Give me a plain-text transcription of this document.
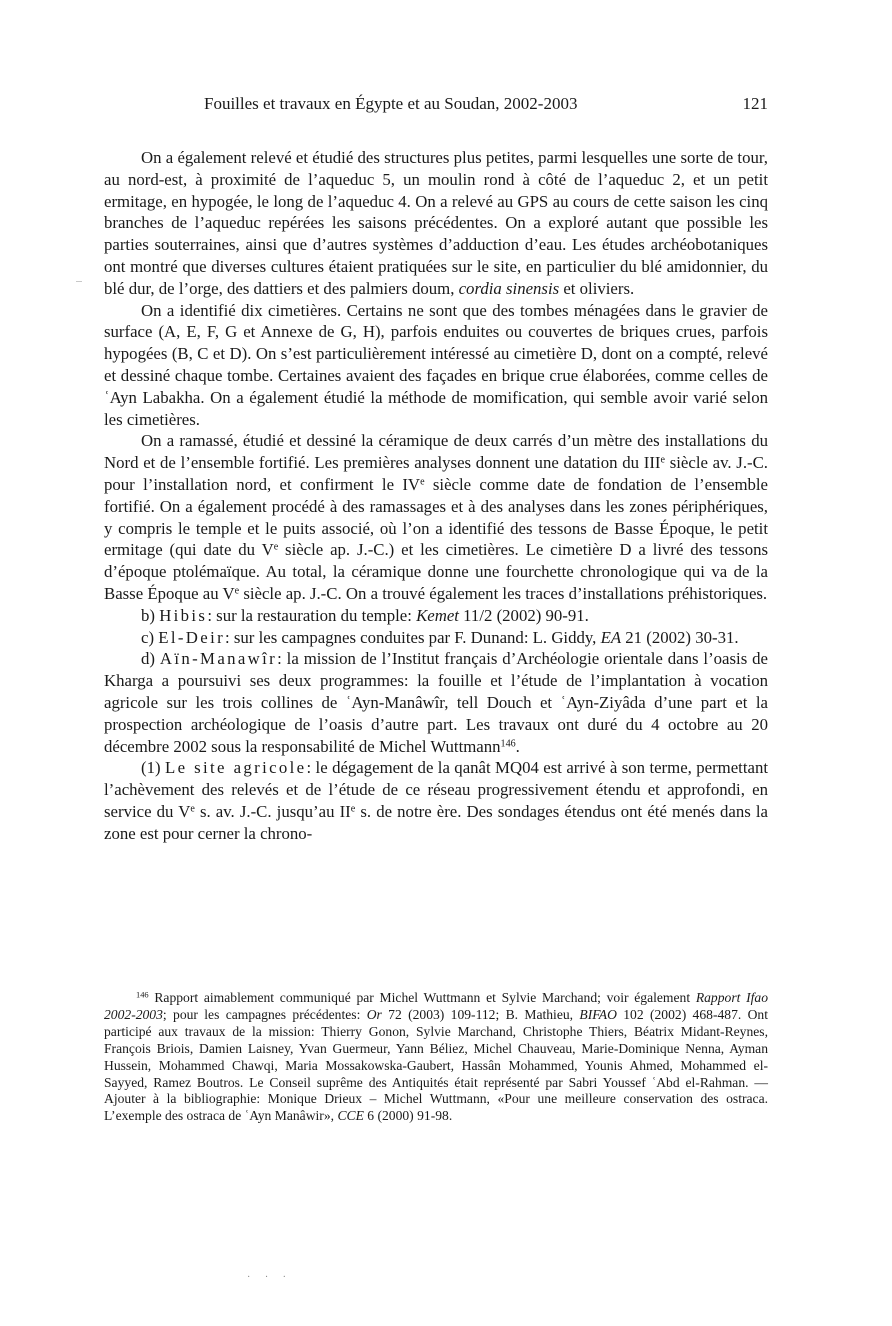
Fouilles et travaux en Égypte et au Soudan, 2002-2003	121

On a également relevé et étudié des structures plus petites, parmi lesquelles une sorte de tour, au nord-est, à proximité de l’aqueduc 5, un moulin rond à côté de l’aqueduc 2, et un petit ermitage, en hypogée, le long de l’aqueduc 4. On a relevé au GPS au cours de cette saison les cinq branches de l’aqueduc repérées les saisons précédentes. On a exploré autant que possible les parties souterraines, ainsi que d’autres systèmes d’adduction d’eau. Les études archéobotaniques ont montré que diverses cultures étaient pratiquées sur le site, en particulier du blé amidonnier, du blé dur, de l’orge, des dattiers et des palmiers doum, cordia sinensis et oliviers.

On a identifié dix cimetières. Certains ne sont que des tombes ménagées dans le gravier de surface (A, E, F, G et Annexe de G, H), parfois enduites ou couvertes de briques crues, parfois hypogées (B, C et D). On s’est particulièrement intéressé au cimetière D, dont on a compté, relevé et dessiné chaque tombe. Certaines avaient des façades en brique crue élaborées, comme celles de ʿAyn Labakha. On a également étudié la méthode de momification, qui semble avoir varié selon les cimetières.

On a ramassé, étudié et dessiné la céramique de deux carrés d’un mètre des installations du Nord et de l’ensemble fortifié. Les premières analyses donnent une datation du IIIe siècle av. J.-C. pour l’installation nord, et confirment le IVe siècle comme date de fondation de l’ensemble fortifié. On a également procédé à des ramassages et à des analyses dans les zones périphériques, y compris le temple et le puits associé, où l’on a identifié des tessons de Basse Époque, le petit ermitage (qui date du Ve siècle ap. J.-C.) et les cimetières. Le cimetière D a livré des tessons d’époque ptolémaïque. Au total, la céramique donne une fourchette chronologique qui va de la Basse Époque au Ve siècle ap. J.-C. On a trouvé également les traces d’installations préhistoriques.

b) Hibis: sur la restauration du temple: Kemet 11/2 (2002) 90-91.

c) El-Deir: sur les campagnes conduites par F. Dunand: L. Giddy, EA 21 (2002) 30-31.

d) Aïn-Manawîr: la mission de l’Institut français d’Archéologie orientale dans l’oasis de Kharga a poursuivi ses deux programmes: la fouille et l’étude de l’implantation à vocation agricole sur les trois collines de ʿAyn-Manâwîr, tell Douch et ʿAyn-Ziyâda d’une part et la prospection archéologique de l’oasis d’autre part. Les travaux ont duré du 4 octobre au 20 décembre 2002 sous la responsabilité de Michel Wuttmann$^{146}$.

(1) Le site agricole: le dégagement de la qanât MQ04 est arrivé à son terme, permettant l’achèvement des relevés et de l’étude de ce réseau progressivement étendu et approfondi, en service du Ve s. av. J.-C. jusqu’au IIe s. de notre ère. Des sondages étendus ont été menés dans la zone est pour cerner la chrono-

$^{146}$ Rapport aimablement communiqué par Michel Wuttmann et Sylvie Marchand; voir également Rapport Ifao 2002-2003; pour les campagnes précédentes: Or 72 (2003) 109-112; B. Mathieu, BIFAO 102 (2002) 468-487. Ont participé aux travaux de la mission: Thierry Gonon, Sylvie Marchand, Christophe Thiers, Béatrix Midant-Reynes, François Briois, Damien Laisney, Yvan Guermeur, Yann Béliez, Michel Chauveau, Marie-Dominique Nenna, Ayman Hussein, Mohammed Chawqi, Maria Mossakowska-Gaubert, Hassân Mohammed, Younis Ahmed, Mohammed el-Sayyed, Ramez Boutros. Le Conseil suprême des Antiquités était représenté par Sabri Youssef ʿAbd el-Rahman. — Ajouter à la bibliographie: Monique Drieux – Michel Wuttmann, «Pour une meilleure conservation des ostraca. L’exemple des ostraca de ʿAyn Manâwir», CCE 6 (2000) 91-98.

· · ·
